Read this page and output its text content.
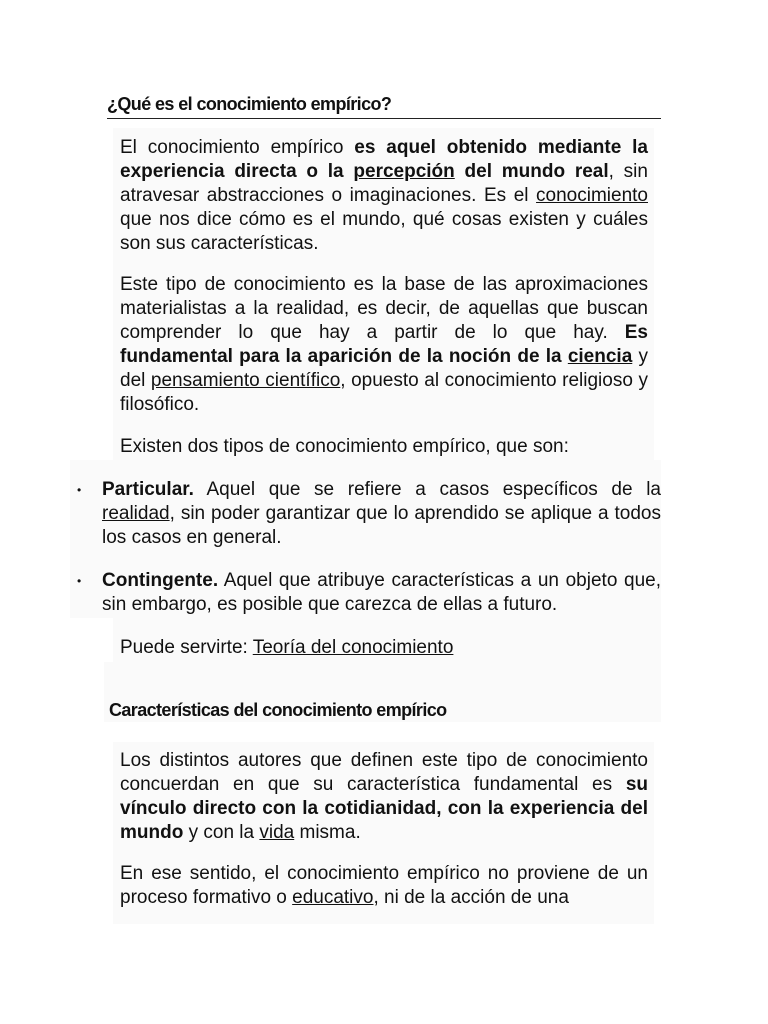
¿Qué es el conocimiento empírico?

El conocimiento empírico es aquel obtenido mediante la experiencia directa o la percepción del mundo real, sin atravesar abstracciones o imaginaciones. Es el conocimiento que nos dice cómo es el mundo, qué cosas existen y cuáles son sus características.

Este tipo de conocimiento es la base de las aproximaciones materialistas a la realidad, es decir, de aquellas que buscan comprender lo que hay a partir de lo que hay. Es fundamental para la aparición de la noción de la ciencia y del pensamiento científico, opuesto al conocimiento religioso y filosófico.

Existen dos tipos de conocimiento empírico, que son:

• Particular. Aquel que se refiere a casos específicos de la realidad, sin poder garantizar que lo aprendido se aplique a todos los casos en general.
• Contingente. Aquel que atribuye características a un objeto que, sin embargo, es posible que carezca de ellas a futuro.

Puede servirte: Teoría del conocimiento

Características del conocimiento empírico

Los distintos autores que definen este tipo de conocimiento concuerdan en que su característica fundamental es su vínculo directo con la cotidianidad, con la experiencia del mundo y con la vida misma.

En ese sentido, el conocimiento empírico no proviene de un proceso formativo o educativo, ni de la acción de una
